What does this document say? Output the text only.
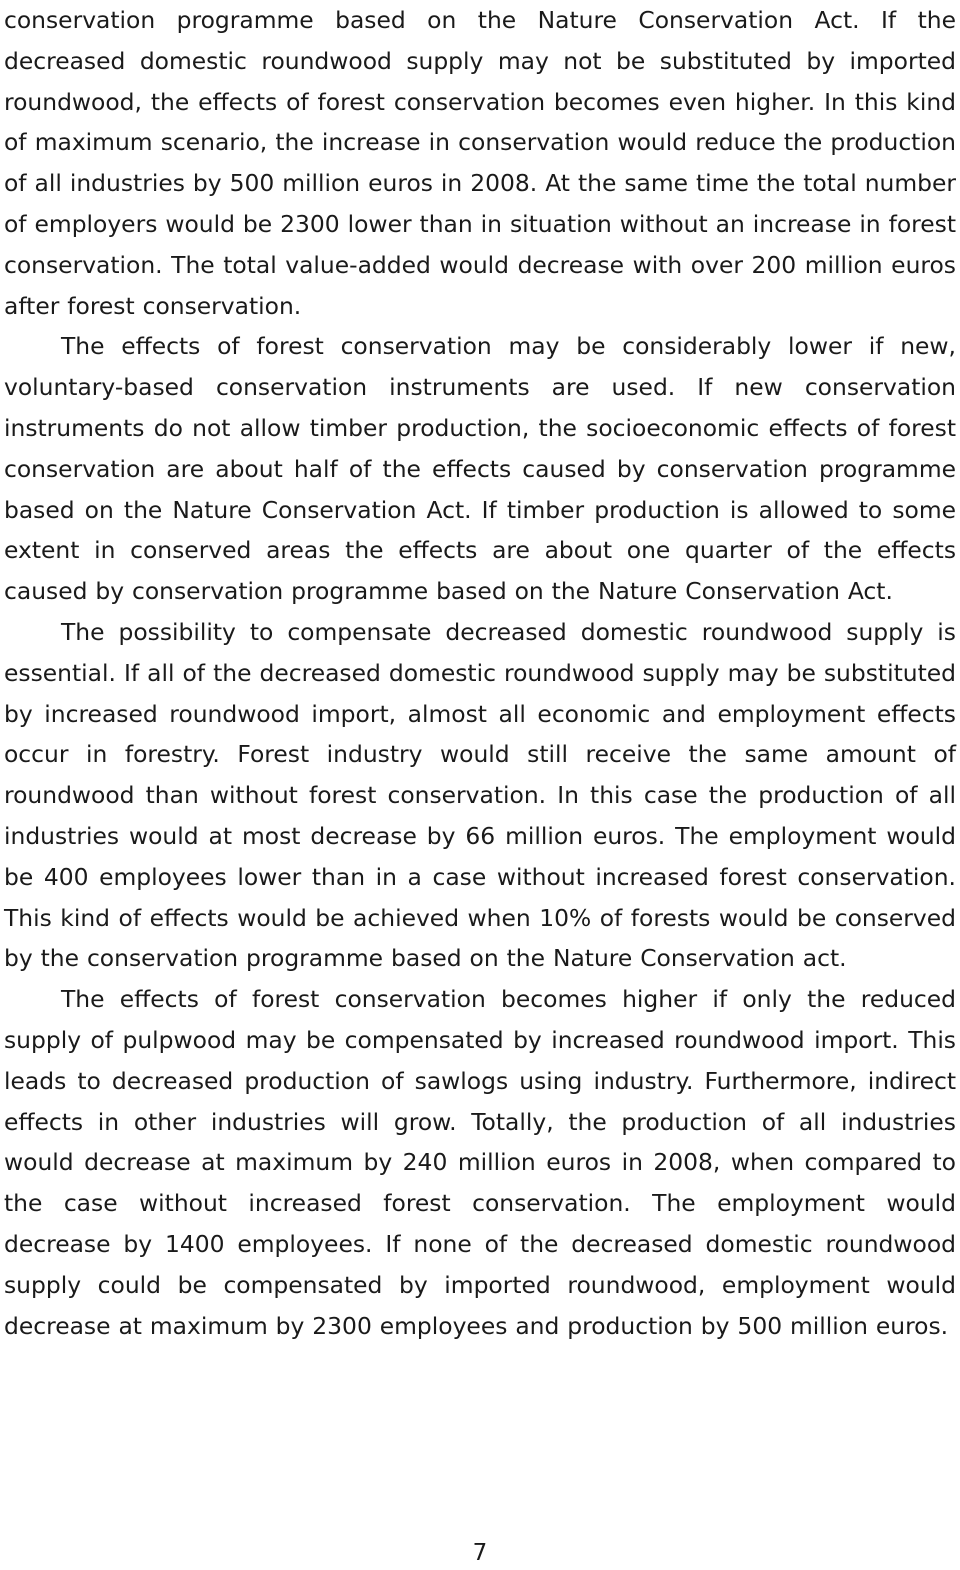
conservation programme based on the Nature Conservation Act. If the decreased domestic roundwood supply may not be substituted by imported roundwood, the effects of forest conservation becomes even higher. In this kind of maximum scenario, the increase in conservation would reduce the production of all industries by 500 million euros in 2008. At the same time the total number of employers would be 2300 lower than in situation without an increase in forest conservation. The total value-added would decrease with over 200 million euros after forest conservation.

The effects of forest conservation may be considerably lower if new, voluntary-based conservation instruments are used. If new conservation instruments do not allow timber production, the socioeconomic effects of forest conservation are about half of the effects caused by conservation programme based on the Nature Conservation Act. If timber production is allowed to some extent in conserved areas the effects are about one quarter of the effects caused by conservation programme based on the Nature Conservation Act.

The possibility to compensate decreased domestic roundwood supply is essential. If all of the decreased domestic roundwood supply may be substituted by increased roundwood import, almost all economic and employment effects occur in forestry. Forest industry would still receive the same amount of roundwood than without forest conservation. In this case the production of all industries would at most decrease by 66 million euros. The employment would be 400 employees lower than in a case without increased forest conservation. This kind of effects would be achieved when 10% of forests would be conserved by the conservation programme based on the Nature Conservation act.

The effects of forest conservation becomes higher if only the reduced supply of pulpwood may be compensated by increased roundwood import. This leads to decreased production of sawlogs using industry. Furthermore, indirect effects in other industries will grow. Totally, the production of all industries would decrease at maximum by 240 million euros in 2008, when compared to the case without increased forest conservation. The employment would decrease by 1400 employees. If none of the decreased domestic roundwood supply could be compensated by imported roundwood, employment would decrease at maximum by 2300 employees and production by 500 million euros.

7
